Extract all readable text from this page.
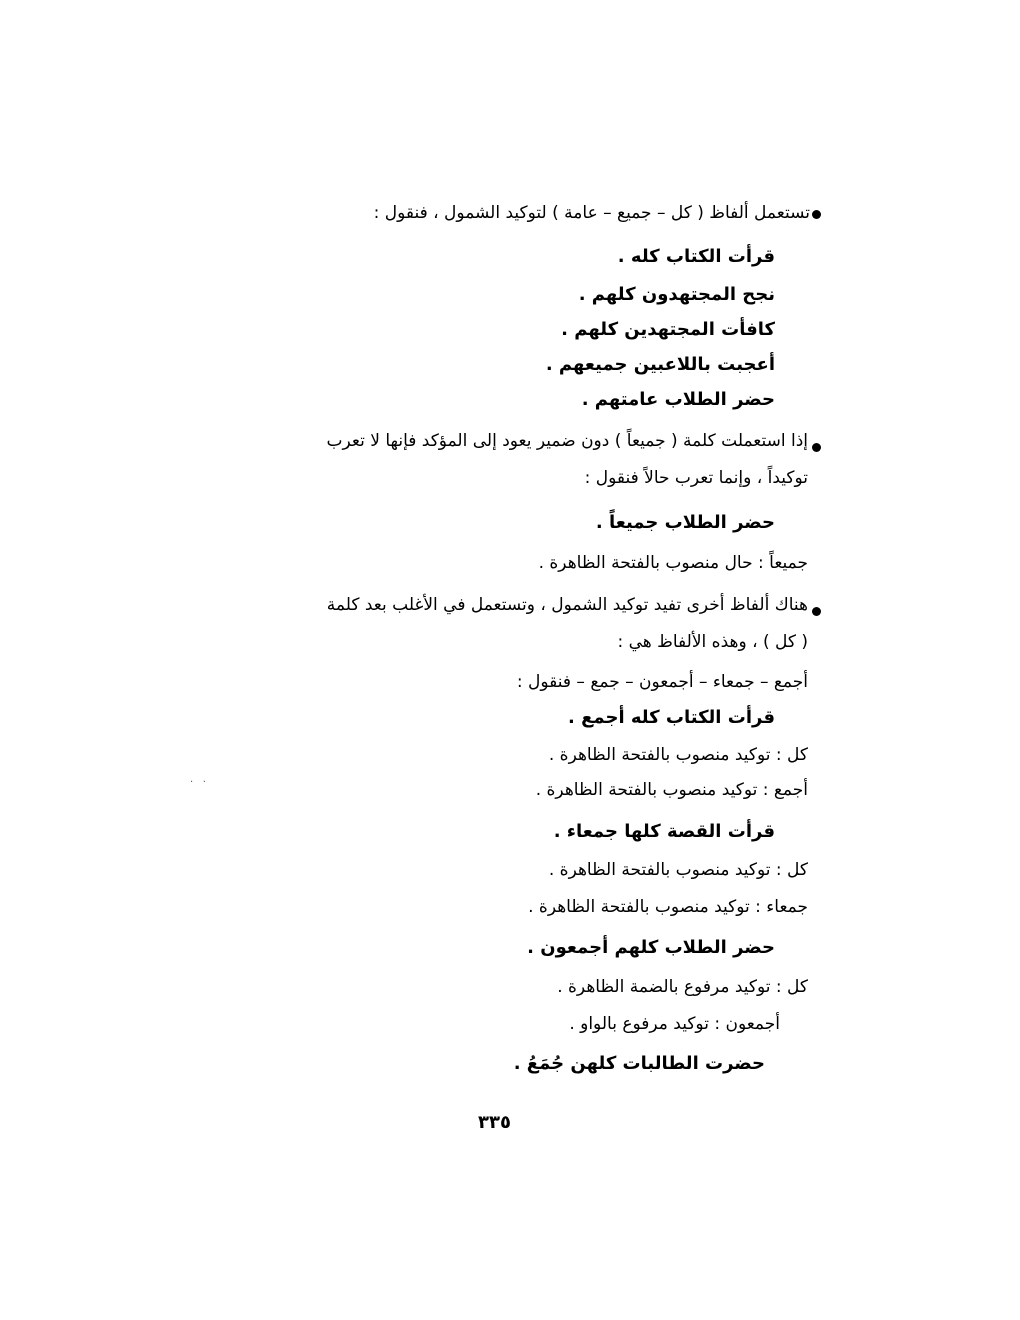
تستعمل ألفاظ ( كل – جميع – عامة ) لتوكيد الشمول ، فنقول :
قرأت الكتاب كله .
نجح المجتهدون كلهم .
كافأت المجتهدين كلهم .
أعجبت باللاعبين جميعهم .
حضر الطلاب عامتهم .
إذا استعملت كلمة ( جميعاً ) دون ضمير يعود إلى المؤكد فإنها لا تعرب
توكيداً ، وإنما تعرب حالاً فنقول :
حضر الطلاب جميعاً .
جميعاً : حال منصوب بالفتحة الظاهرة .
هناك ألفاظ أخرى تفيد توكيد الشمول ، وتستعمل في الأغلب بعد كلمة
( كل ) ، وهذه الألفاظ هي :
أجمع – جمعاء – أجمعون – جمع – فنقول :
قرأت الكتاب كله أجمع .
كل : توكيد منصوب بالفتحة الظاهرة .
أجمع : توكيد منصوب بالفتحة الظاهرة .
·   ·
قرأت القصة كلها جمعاء .
كل : توكيد منصوب بالفتحة الظاهرة .
جمعاء : توكيد منصوب بالفتحة الظاهرة .
حضر الطلاب كلهم أجمعون .
كل : توكيد مرفوع بالضمة الظاهرة .
أجمعون : توكيد مرفوع بالواو .
حضرت الطالبات كلهن جُمَعُ .
٣٣٥
